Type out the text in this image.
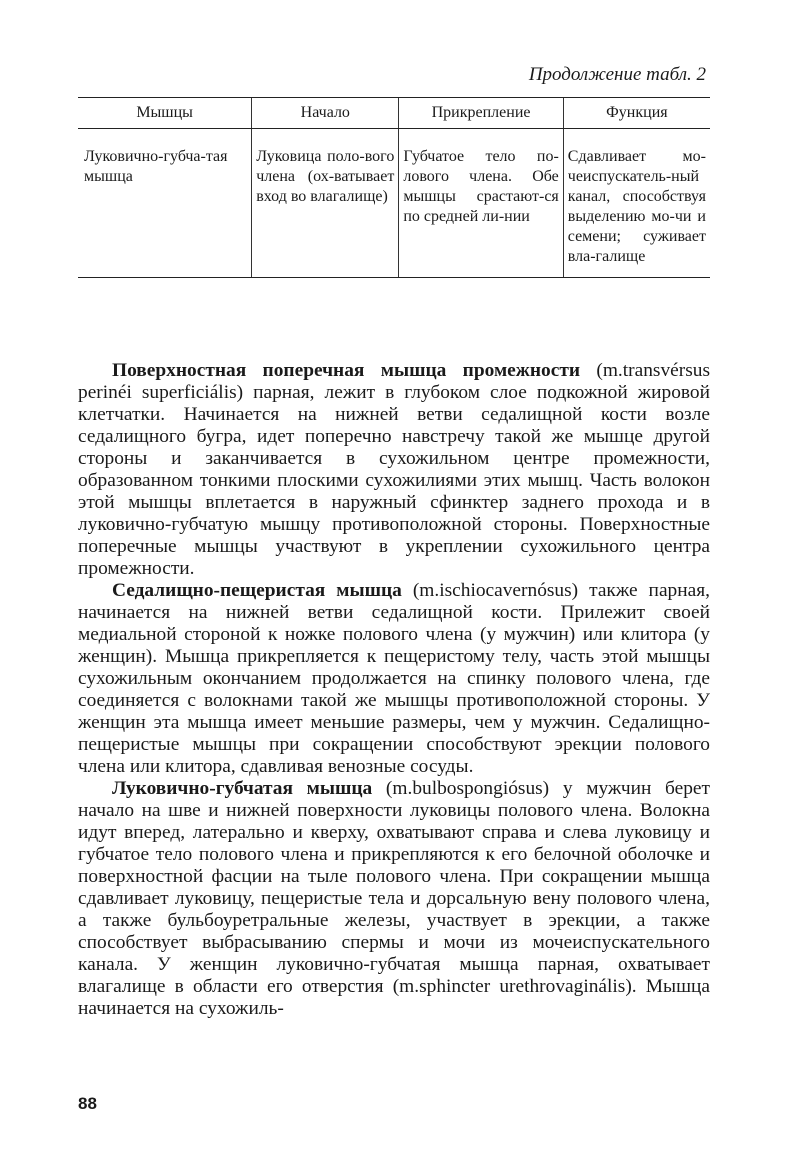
Продолжение табл. 2
Мышцы	Начало	Прикрепление	Функция
Луковично-губча-тая мышца	Луковица поло-вого члена (ох-ватывает вход во влагалище)	Губчатое тело по-лового члена. Обе мышцы срастают-ся по средней ли-нии	Сдавливает мо-чеиспускатель-ный канал, способствуя выделению мо-чи и семени; суживает вла-галище

Поверхностная поперечная мышца промежности (m.transvérsus perinéi superficiális) парная, лежит в глубоком слое подкожной жировой клетчатки. Начинается на нижней ветви седалищной кости возле седалищного бугра, идет поперечно навстречу такой же мышце другой стороны и заканчивается в сухожильном центре промежности, образованном тонкими плоскими сухожилиями этих мышц. Часть волокон этой мышцы вплетается в наружный сфинктер заднего прохода и в луковично-губчатую мышцу противоположной стороны. Поверхностные поперечные мышцы участвуют в укреплении сухожильного центра промежности.

Седалищно-пещеристая мышца (m.ischiocavernósus) также парная, начинается на нижней ветви седалищной кости. Прилежит своей медиальной стороной к ножке полового члена (у мужчин) или клитора (у женщин). Мышца прикрепляется к пещеристому телу, часть этой мышцы сухожильным окончанием продолжается на спинку полового члена, где соединяется с волокнами такой же мышцы противоположной стороны. У женщин эта мышца имеет меньшие размеры, чем у мужчин. Седалищно-пещеристые мышцы при сокращении способствуют эрекции полового члена или клитора, сдавливая венозные сосуды.

Луковично-губчатая мышца (m.bulbospongiósus) у мужчин берет начало на шве и нижней поверхности луковицы полового члена. Волокна идут вперед, латерально и кверху, охватывают справа и слева луковицу и губчатое тело полового члена и прикрепляются к его белочной оболочке и поверхностной фасции на тыле полового члена. При сокращении мышца сдавливает луковицу, пещеристые тела и дорсальную вену полового члена, а также бульбоуретральные железы, участвует в эрекции, а также способствует выбрасыванию спермы и мочи из мочеиспускательного канала. У женщин луковично-губчатая мышца парная, охватывает влагалище в области его отверстия (m.sphincter urethrovaginális). Мышца начинается на сухожиль-

88
